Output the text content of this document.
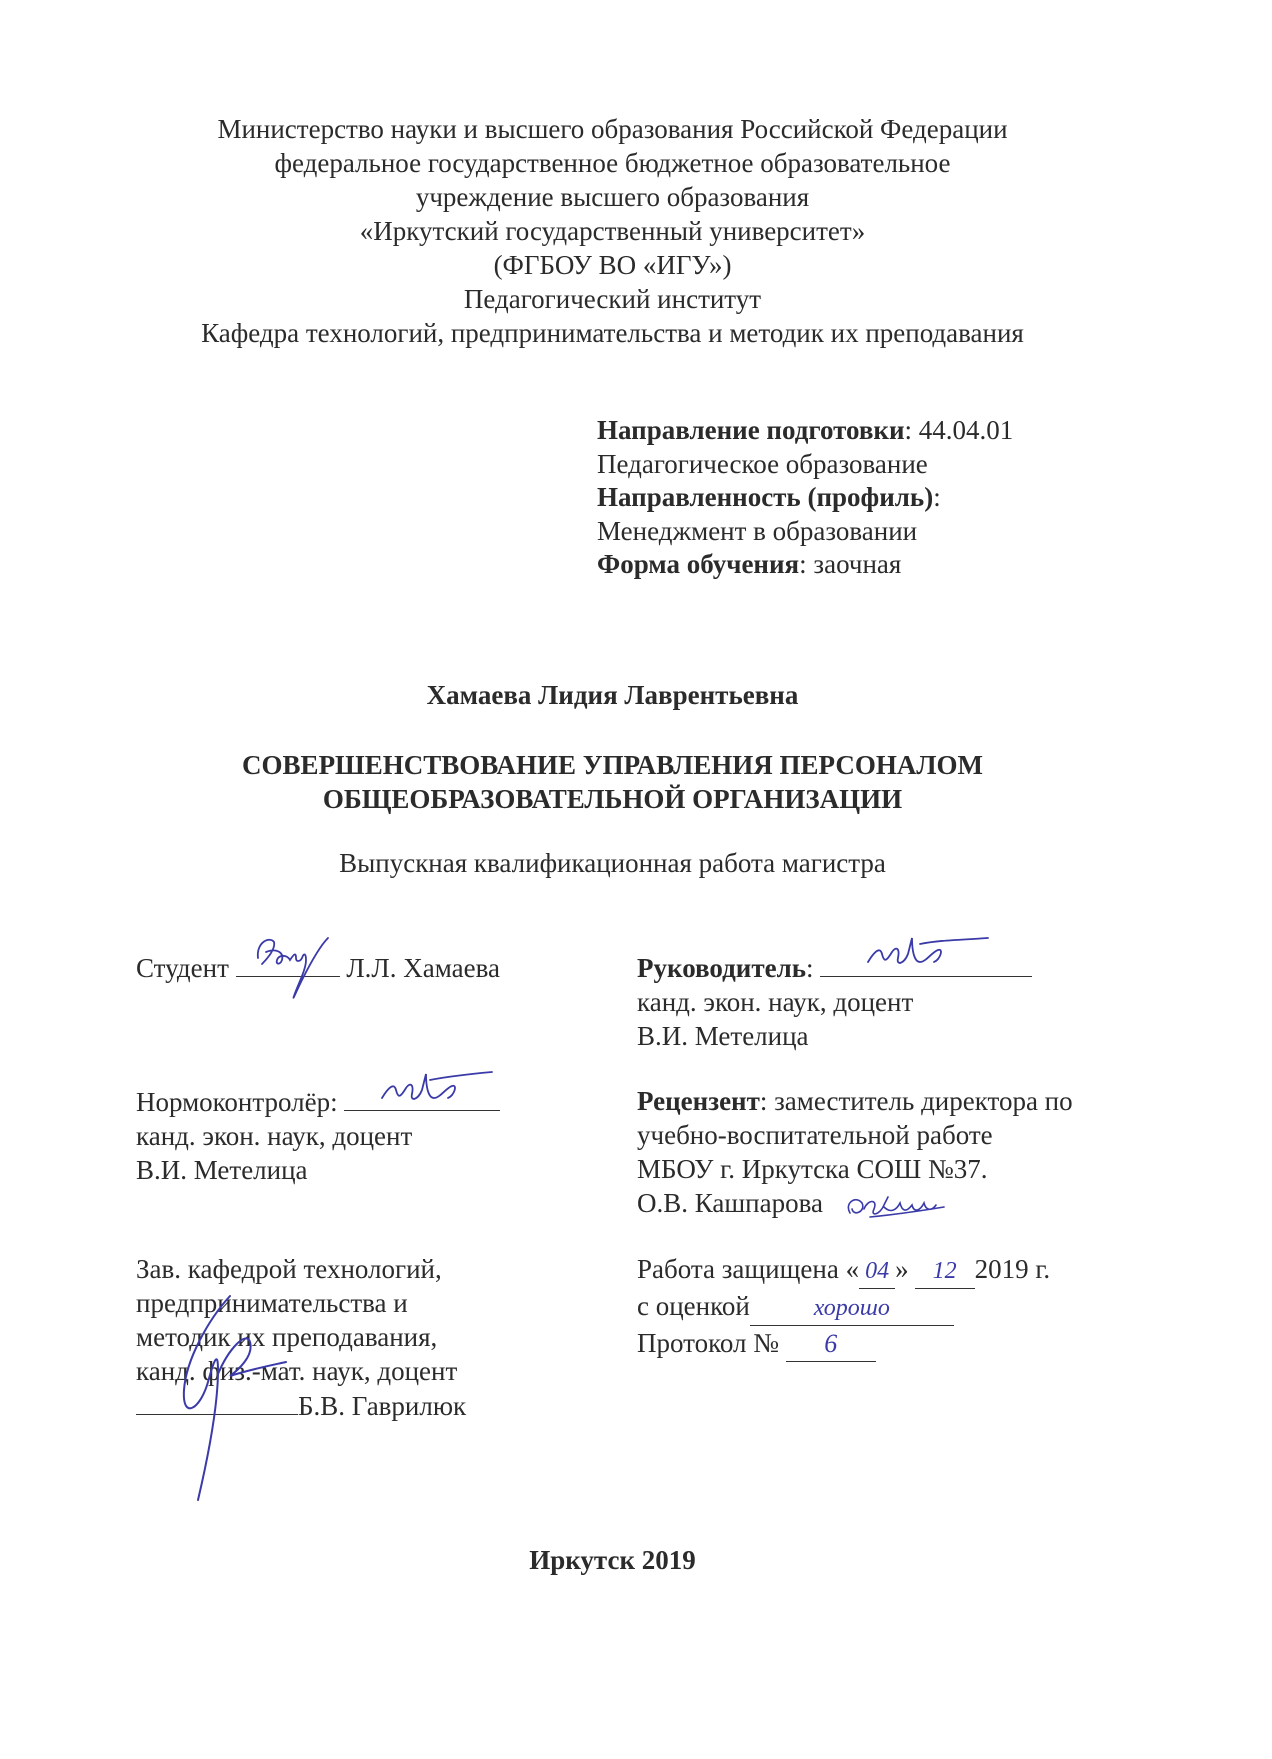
Министерство науки и высшего образования Российской Федерации
федеральное государственное бюджетное образовательное
учреждение высшего образования
«Иркутский государственный университет»
(ФГБОУ ВО «ИГУ»)
Педагогический институт
Кафедра технологий, предпринимательства и методик их преподавания
Направление подготовки: 44.04.01
Педагогическое образование
Направленность (профиль):
Менеджмент в образовании
Форма обучения: заочная
Хамаева Лидия Лаврентьевна
СОВЕРШЕНСТВОВАНИЕ УПРАВЛЕНИЯ ПЕРСОНАЛОМ
ОБЩЕОБРАЗОВАТЕЛЬНОЙ ОРГАНИЗАЦИИ
Выпускная квалификационная работа магистра
Студент	Л.Л. Хамаева	Руководитель:
канд. экон. наук, доцент
В.И. Метелица
Нормоконтролёр:
канд. экон. наук, доцент
В.И. Метелица
Рецензент: заместитель директора по
учебно-воспитательной работе
МБОУ г. Иркутска СОШ №37.
О.В. Кашпарова
Зав. кафедрой технологий,
предпринимательства и
методик их преподавания,
канд. физ.-мат. наук, доцент
Б.В. Гаврилюк
Работа защищена « 04 » 12 2019 г.
с оценкой	хорошо
Протокол № 6
Иркутск 2019
